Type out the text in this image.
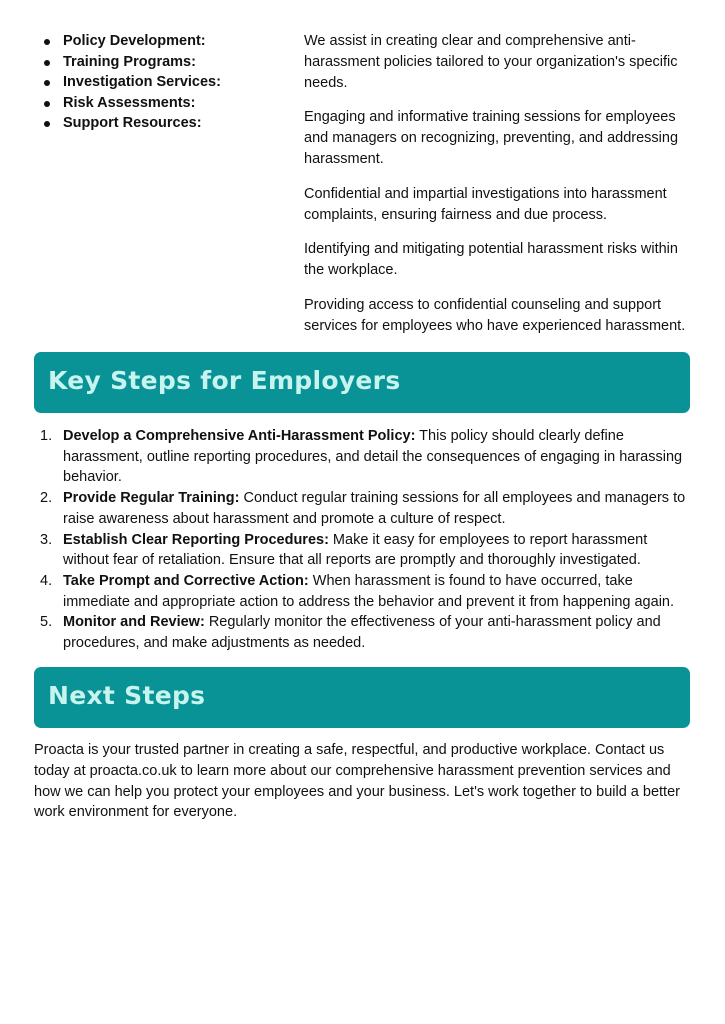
Policy Development:
Training Programs:
Investigation Services:
Risk Assessments:
Support Resources:

We assist in creating clear and comprehensive anti-harassment policies tailored to your organization's specific needs.

Engaging and informative training sessions for employees and managers on recognizing, preventing, and addressing harassment.

Confidential and impartial investigations into harassment complaints, ensuring fairness and due process.

Identifying and mitigating potential harassment risks within the workplace.

Providing access to confidential counseling and support services for employees who have experienced harassment.

Key Steps for Employers
1. Develop a Comprehensive Anti-Harassment Policy: This policy should clearly define harassment, outline reporting procedures, and detail the consequences of engaging in harassing behavior.
2. Provide Regular Training: Conduct regular training sessions for all employees and managers to raise awareness about harassment and promote a culture of respect.
3. Establish Clear Reporting Procedures: Make it easy for employees to report harassment without fear of retaliation. Ensure that all reports are promptly and thoroughly investigated.
4. Take Prompt and Corrective Action: When harassment is found to have occurred, take immediate and appropriate action to address the behavior and prevent it from happening again.
5. Monitor and Review: Regularly monitor the effectiveness of your anti-harassment policy and procedures, and make adjustments as needed.
Next Steps

Proacta is your trusted partner in creating a safe, respectful, and productive workplace. Contact us today at proacta.co.uk to learn more about our comprehensive harassment prevention services and how we can help you protect your employees and your business. Let's work together to build a better work environment for everyone.
